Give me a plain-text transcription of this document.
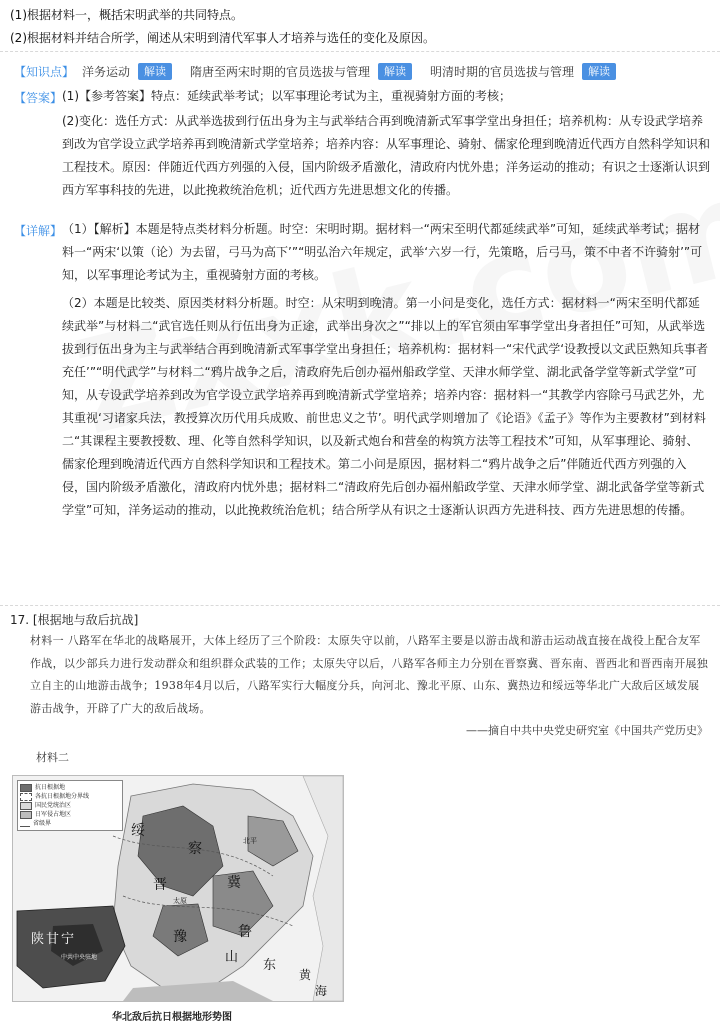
(1)根据材料一，概括宋明武举的共同特点。
(2)根据材料并结合所学，阐述从宋明到清代军事人才培养与选任的变化及原因。
【知识点】 洋务运动	解读	隋唐至两宋时期的官员选拔与管理	解读	明清时期的官员选拔与管理	解读
【答案】 (1)【参考答案】特点：延续武举考试；以军事理论考试为主，重视骑射方面的考核；
(2)变化：选任方式：从武举选拔到行伍出身为主与武举结合再到晚清新式军事学堂出身担任；培养机构：从专设武学培养到改为官学设立武学培养再到晚清新式学堂培养；培养内容：从军事理论、骑射、儒家伦理到晚清近代西方自然科学知识和工程技术。原因：伴随近代西方列强的入侵，国内阶级矛盾激化，清政府内忧外患；洋务运动的推动；有识之士逐渐认识到西方军事科技的先进，以此挽救统治危机；近代西方先进思想文化的传播。
【详解】 （1）【解析】本题是特点类材料分析题。时空：宋明时期。据材料一“两宋至明代都延续武举”可知，延续武举考试；据材料一“两宋‘以策（论）为去留，弓马为高下’”“明弘治六年规定，武举‘六岁一行，先策略，后弓马，策不中者不许骑射’”可知，以军事理论考试为主，重视骑射方面的考核。
（2）本题是比较类、原因类材料分析题。时空：从宋明到晚清。第一小问是变化，选任方式：据材料一“两宋至明代都延续武举”与材料二“武官选任则从行伍出身为正途，武举出身次之”“排以上的军官须由军事学堂出身者担任”可知，从武举选拔到行伍出身为主与武举结合再到晚清新式军事学堂出身担任；培养机构：据材料一“宋代武学‘设教授以文武臣熟知兵事者充任’”“明代武学”与材料二“鸦片战争之后，清政府先后创办福州船政学堂、天津水师学堂、湖北武备学堂等新式学堂”可知，从专设武学培养到改为官学设立武学培养再到晚清新式学堂培养；培养内容：据材料一“其教学内容除弓马武艺外，尤其重视‘习诸家兵法，教授算次历代用兵成败、前世忠义之节’。明代武学则增加了《论语》《孟子》等作为主要教材”到材料二“其课程主要教授数、理、化等自然科学知识，以及新式炮台和营垒的构筑方法等工程技术”可知，从军事理论、骑射、儒家伦理到晚清近代西方自然科学知识和工程技术。第二小问是原因，据材料二“鸦片战争之后”伴随近代西方列强的入侵，国内阶级矛盾激化，清政府内忧外患；据材料二“清政府先后创办福州船政学堂、天津水师学堂、湖北武备学堂等新式学堂”可知，洋务运动的推动，以此挽救统治危机；结合所学从有识之士逐渐认识西方先进科技、西方先进思想的传播。
17. [根据地与敌后抗战]
材料一 八路军在华北的战略展开，大体上经历了三个阶段：太原失守以前，八路军主要是以游击战和游击运动战直接在战役上配合友军作战，以少部兵力进行发动群众和组织群众武装的工作；太原失守以后，八路军各师主力分别在晋察冀、晋东南、晋西北和晋西南开展独立自主的山地游击战争；1938年4月以后，八路军实行大幅度分兵，向河北、豫北平原、山东、冀热边和绥远等华北广大敌后区域发展游击战争，开辟了广大的敌后战场。
——摘自中共中央党史研究室《中国共产党历史》
材料二
抗日根据地
各抗日根据地分界线
国民党统治区
日军侵占地区
省级界
陕 甘 宁
晋
察
冀
绥
豫	鲁
山
东
黄
海
中共中央驻地
北平
太原
华北敌后抗日根据地形势图
